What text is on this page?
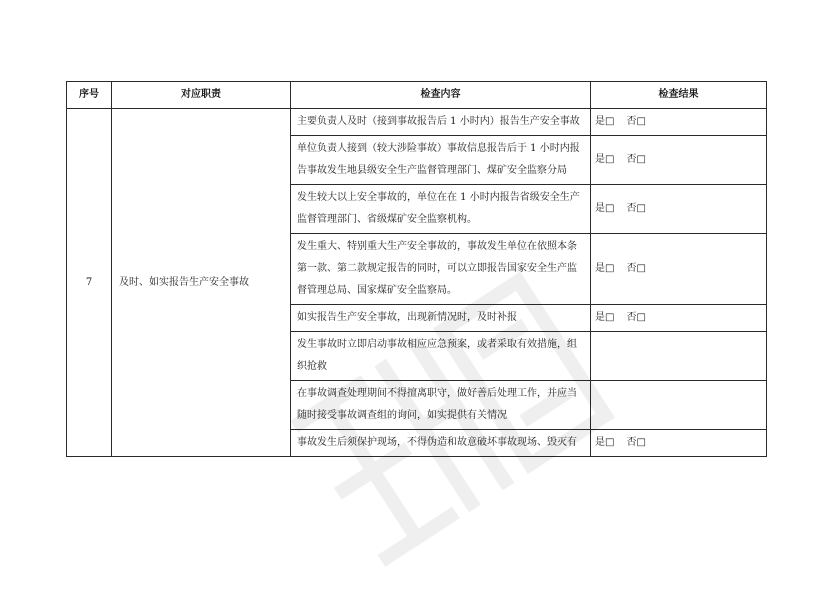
序号	对应职责	检查内容	检查结果
7	及时、如实报告生产安全事故	主要负责人及时（接到事故报告后 1 小时内）报告生产安全事故	是□ 否□

		单位负责人接到（较大涉险事故）事故信息报告后于 1 小时内报
告事故发生地县级安全生产监督管理部门、煤矿安全监察分局	是□ 否□

		发生较大以上安全事故的，单位在在 1 小时内报告省级安全生产
监督管理部门、省级煤矿安全监察机构。	是□ 否□

		发生重大、特别重大生产安全事故的，事故发生单位在依照本条
第一款、第二款规定报告的同时，可以立即报告国家安全生产监
督管理总局、国家煤矿安全监察局。	是□ 否□

		如实报告生产安全事故，出现新情况时，及时补报	是□ 否□

		发生事故时立即启动事故相应应急预案，或者采取有效措施，组
织抢救	

		在事故调查处理期间不得擅离职守，做好善后处理工作，并应当
随时接受事故调查组的询问，如实提供有关情况	

		事故发生后须保护现场，不得伪造和故意破坏事故现场、毁灭有	是□ 否□
